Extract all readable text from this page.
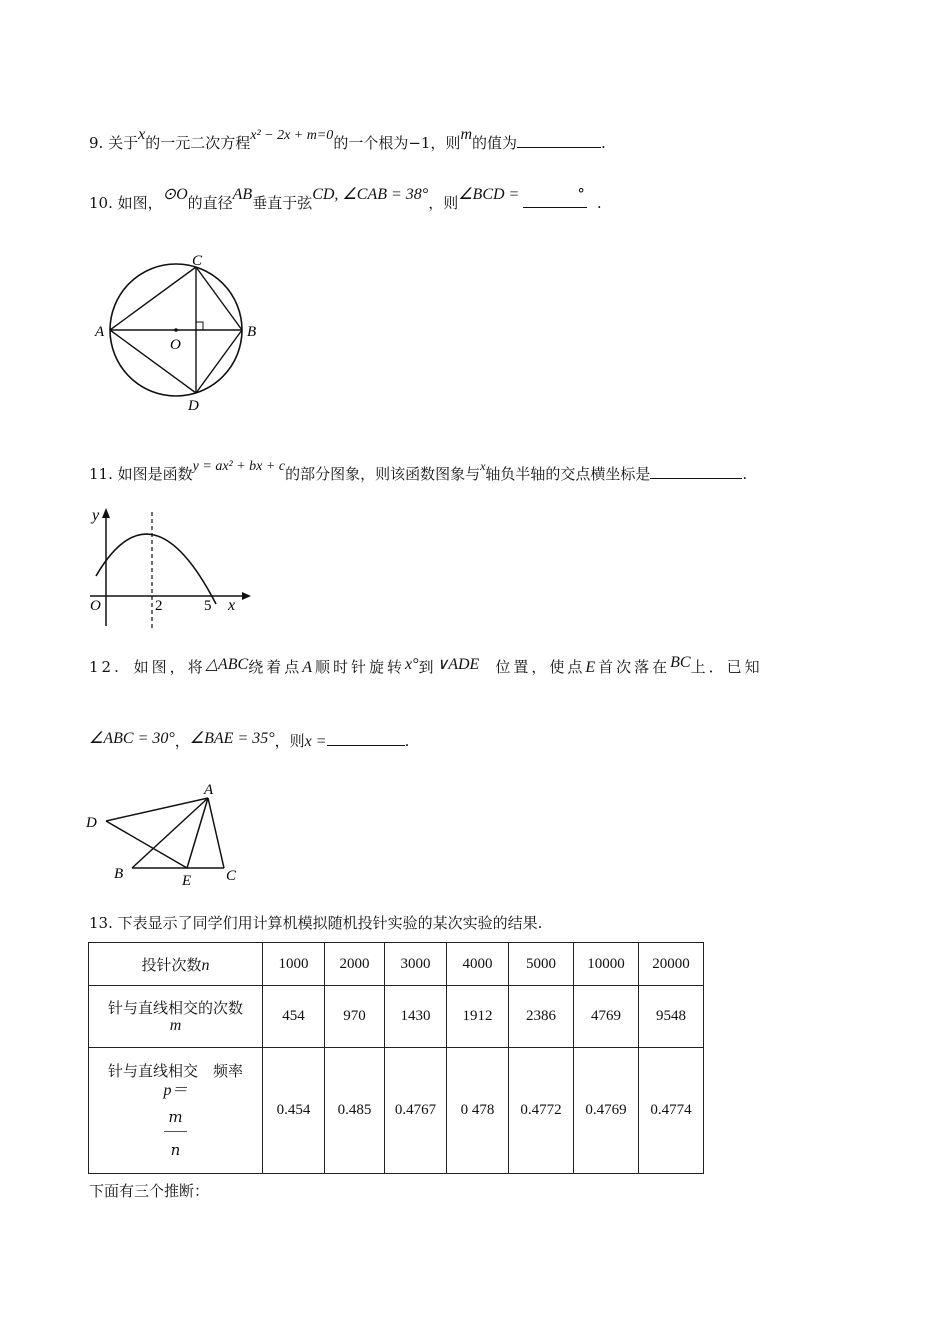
9. 关于x的一元二次方程x² − 2x + m=0的一个根为−1，则m的值为	.
10. 如图，⊙O的直径AB垂直于弦CD, ∠CAB = 38°，则∠BCD =	° .
C
A	B
O
D
11. 如图是函数y = ax² + bx + c的部分图象，则该函数图象与$^x$轴负半轴的交点横坐标是	.
y
O	2	5 x
12. 如图，将△ABC绕着点A顺时针旋转x°到∨ADE 位置，使点E首次落在BC上．已知
∠ABC = 30°，∠BAE = 35°，则x =	.
A
D
B	E C
13. 下表显示了同学们用计算机模拟随机投针实验的某次实验的结果.
投针次数n	1000	2000	3000	4000	5000	10000	20000

针与直线相交的次数
m	454	970	1430	1912	2386	4769	9548

针与直线相交　频率
p＝
$\frac{m}{n}$	0.454	0.485	0.4767	0 478	0.4772	0.4769	0.4774
下面有三个推断：
